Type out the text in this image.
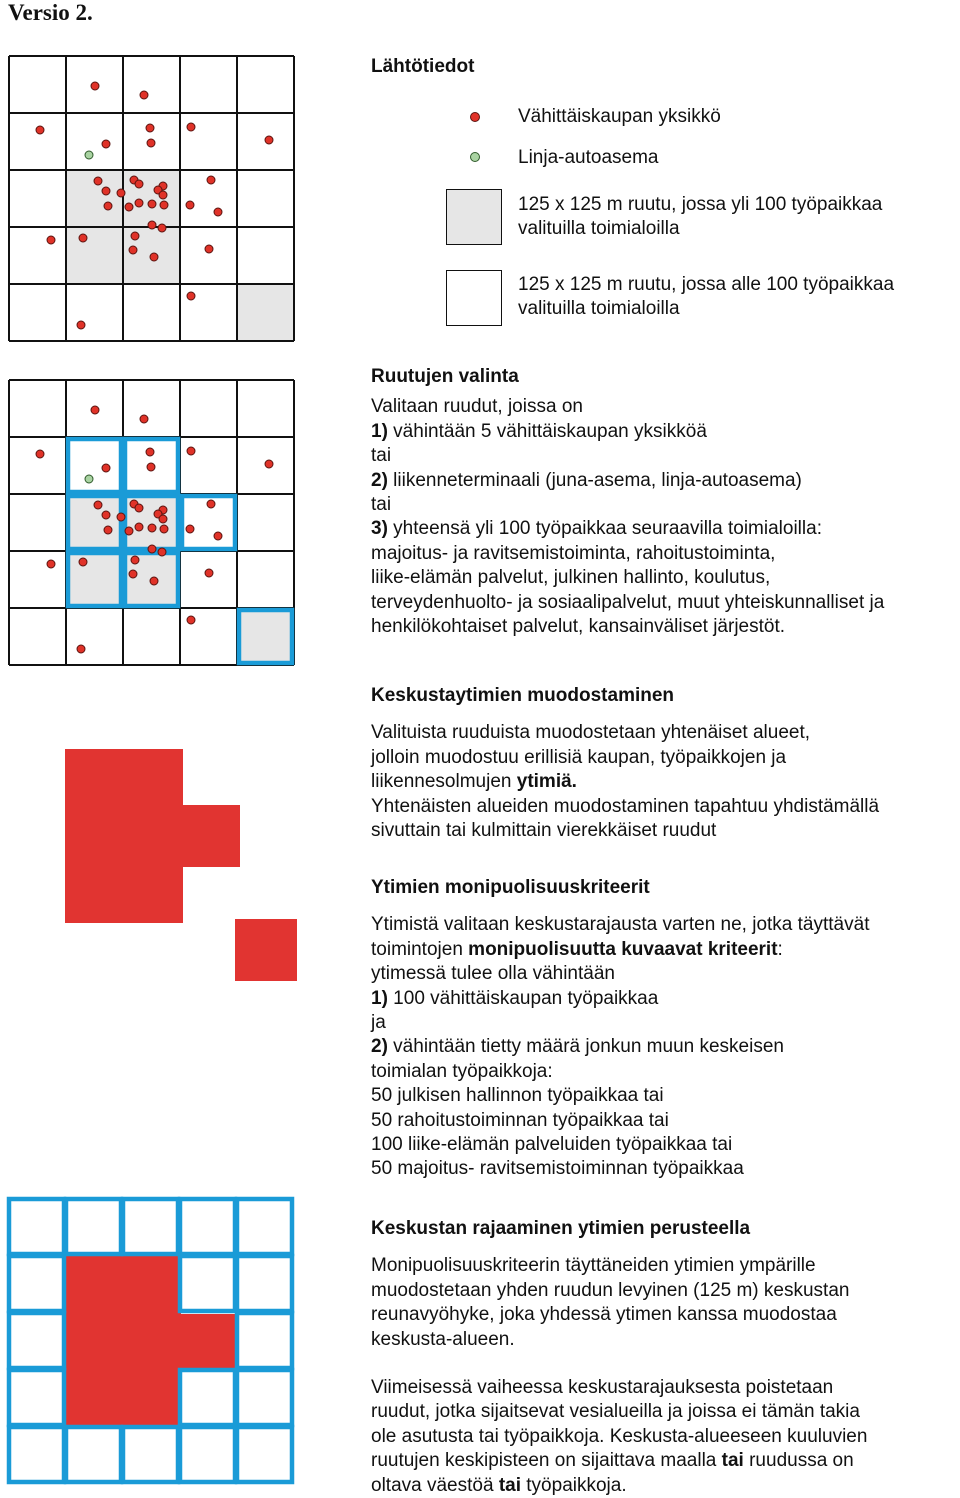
Versio 2.
Lähtötiedot
Vähittäiskaupan yksikkö
Linja-autoasema
125 x 125 m ruutu, jossa yli 100 työpaikkaa
valituilla toimialoilla
125 x 125 m ruutu, jossa alle 100 työpaikkaa
valituilla toimialoilla
Ruutujen valinta
Valitaan ruudut, joissa on
1) vähintään 5 vähittäiskaupan yksikköä
tai
2) liikenneterminaali (juna-asema, linja-autoasema)
tai
3) yhteensä yli 100 työpaikkaa seuraavilla toimialoilla:
majoitus- ja ravitsemistoiminta, rahoitustoiminta,
liike-elämän palvelut, julkinen hallinto, koulutus,
terveydenhuolto- ja sosiaalipalvelut, muut yhteiskunnalliset ja
henkilökohtaiset palvelut, kansainväliset järjestöt.
Keskustaytimien muodostaminen
Valituista ruuduista muodostetaan yhtenäiset alueet,
jolloin muodostuu erillisiä kaupan, työpaikkojen ja
liikennesolmujen ytimiä.
Yhtenäisten alueiden muodostaminen tapahtuu yhdistämällä
sivuttain tai kulmittain vierekkäiset ruudut
Ytimien monipuolisuuskriteerit
Ytimistä valitaan keskustarajausta varten ne, jotka täyttävät
toimintojen monipuolisuutta kuvaavat kriteerit:
ytimessä tulee olla vähintään
1) 100 vähittäiskaupan työpaikkaa
ja
2) vähintään tietty määrä jonkun muun keskeisen
toimialan työpaikkoja:
50 julkisen hallinnon työpaikkaa tai
50 rahoitustoiminnan työpaikkaa tai
100 liike-elämän palveluiden työpaikkaa tai
50 majoitus- ravitsemistoiminnan työpaikkaa
Keskustan rajaaminen ytimien perusteella
Monipuolisuuskriteerin täyttäneiden ytimien ympärille
muodostetaan yhden ruudun levyinen (125 m) keskustan
reunavyöhyke, joka yhdessä ytimen kanssa muodostaa
keskusta-alueen.
Viimeisessä vaiheessa keskustarajauksesta poistetaan
ruudut, jotka sijaitsevat vesialueilla ja joissa ei tämän takia
ole asutusta tai työpaikkoja. Keskusta-alueeseen kuuluvien
ruutujen keskipisteen on sijaittava maalla tai ruudussa on
oltava väestöä tai työpaikkoja.
